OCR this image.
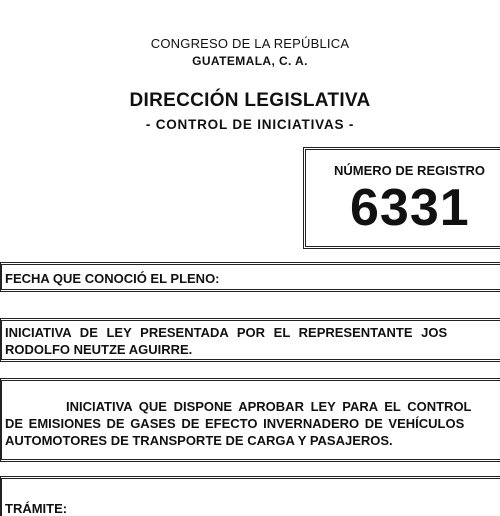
CONGRESO DE LA REPÚBLICA
GUATEMALA, C. A.
DIRECCIÓN LEGISLATIVA
- CONTROL DE INICIATIVAS -
NÚMERO DE REGISTRO
6331
FECHA QUE CONOCIÓ EL PLENO:
INICIATIVA DE LEY PRESENTADA POR EL REPRESENTANTE JOS
RODOLFO NEUTZE AGUIRRE.
INICIATIVA QUE DISPONE APROBAR LEY PARA EL CONTROL
DE EMISIONES DE GASES DE EFECTO INVERNADERO DE VEHÍCULOS
AUTOMOTORES DE TRANSPORTE DE CARGA Y PASAJEROS.
TRÁMITE:
